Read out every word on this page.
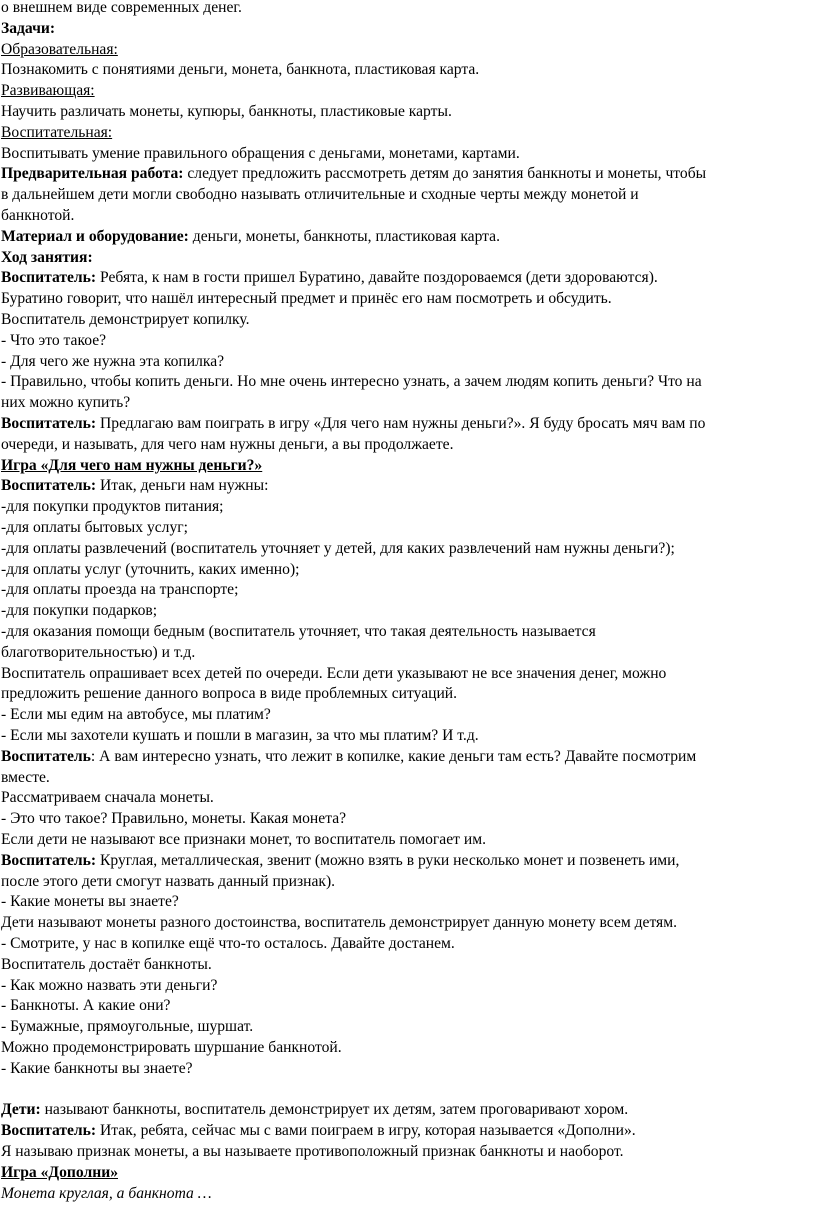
о внешнем виде современных денег.
Задачи:
Образовательная:
Познакомить с понятиями деньги, монета, банкнота, пластиковая карта.
Развивающая:
Научить различать монеты, купюры, банкноты, пластиковые карты.
Воспитательная:
Воспитывать умение правильного обращения с деньгами, монетами, картами.
Предварительная работа: следует предложить рассмотреть детям до занятия банкноты и монеты, чтобы
в дальнейшем дети могли свободно называть отличительные и сходные черты между монетой и
банкнотой.
Материал и оборудование: деньги, монеты, банкноты, пластиковая карта.
Ход занятия:
Воспитатель: Ребята, к нам в гости пришел Буратино, давайте поздороваемся (дети здороваются).
Буратино говорит, что нашёл интересный предмет и принёс его нам посмотреть и обсудить.
Воспитатель демонстрирует копилку.
- Что это такое?
- Для чего же нужна эта копилка?
- Правильно, чтобы копить деньги. Но мне очень интересно узнать, а зачем людям копить деньги? Что на
них можно купить?
Воспитатель: Предлагаю вам поиграть в игру «Для чего нам нужны деньги?». Я буду бросать мяч вам по
очереди, и называть, для чего нам нужны деньги, а вы продолжаете.
Игра «Для чего нам нужны деньги?»
Воспитатель: Итак, деньги нам нужны:
-для покупки продуктов питания;
-для оплаты бытовых услуг;
-для оплаты развлечений (воспитатель уточняет у детей, для каких развлечений нам нужны деньги?);
-для оплаты услуг (уточнить, каких именно);
-для оплаты проезда на транспорте;
-для покупки подарков;
-для оказания помощи бедным (воспитатель уточняет, что такая деятельность называется
благотворительностью) и т.д.
Воспитатель опрашивает всех детей по очереди. Если дети указывают не все значения денег, можно
предложить решение данного вопроса в виде проблемных ситуаций.
- Если мы едим на автобусе, мы платим?
- Если мы захотели кушать и пошли в магазин, за что мы платим? И т.д.
Воспитатель: А вам интересно узнать, что лежит в копилке, какие деньги там есть? Давайте посмотрим
вместе.
Рассматриваем сначала монеты.
- Это что такое? Правильно, монеты. Какая монета?
Если дети не называют все признаки монет, то воспитатель помогает им.
Воспитатель: Круглая, металлическая, звенит (можно взять в руки несколько монет и позвенеть ими,
после этого дети смогут назвать данный признак).
- Какие монеты вы знаете?
Дети называют монеты разного достоинства, воспитатель демонстрирует данную монету всем детям.
- Смотрите, у нас в копилке ещё что-то осталось. Давайте достанем.
Воспитатель достаёт банкноты.
- Как можно назвать эти деньги?
- Банкноты. А какие они?
- Бумажные, прямоугольные, шуршат.
Можно продемонстрировать шуршание банкнотой.
- Какие банкноты вы знаете?
Дети: называют банкноты, воспитатель демонстрирует их детям, затем проговаривают хором.
Воспитатель: Итак, ребята, сейчас мы с вами поиграем в игру, которая называется «Дополни».
Я называю признак монеты, а вы называете противоположный признак банкноты и наоборот.
Игра «Дополни»
Монета круглая, а банкнота …
